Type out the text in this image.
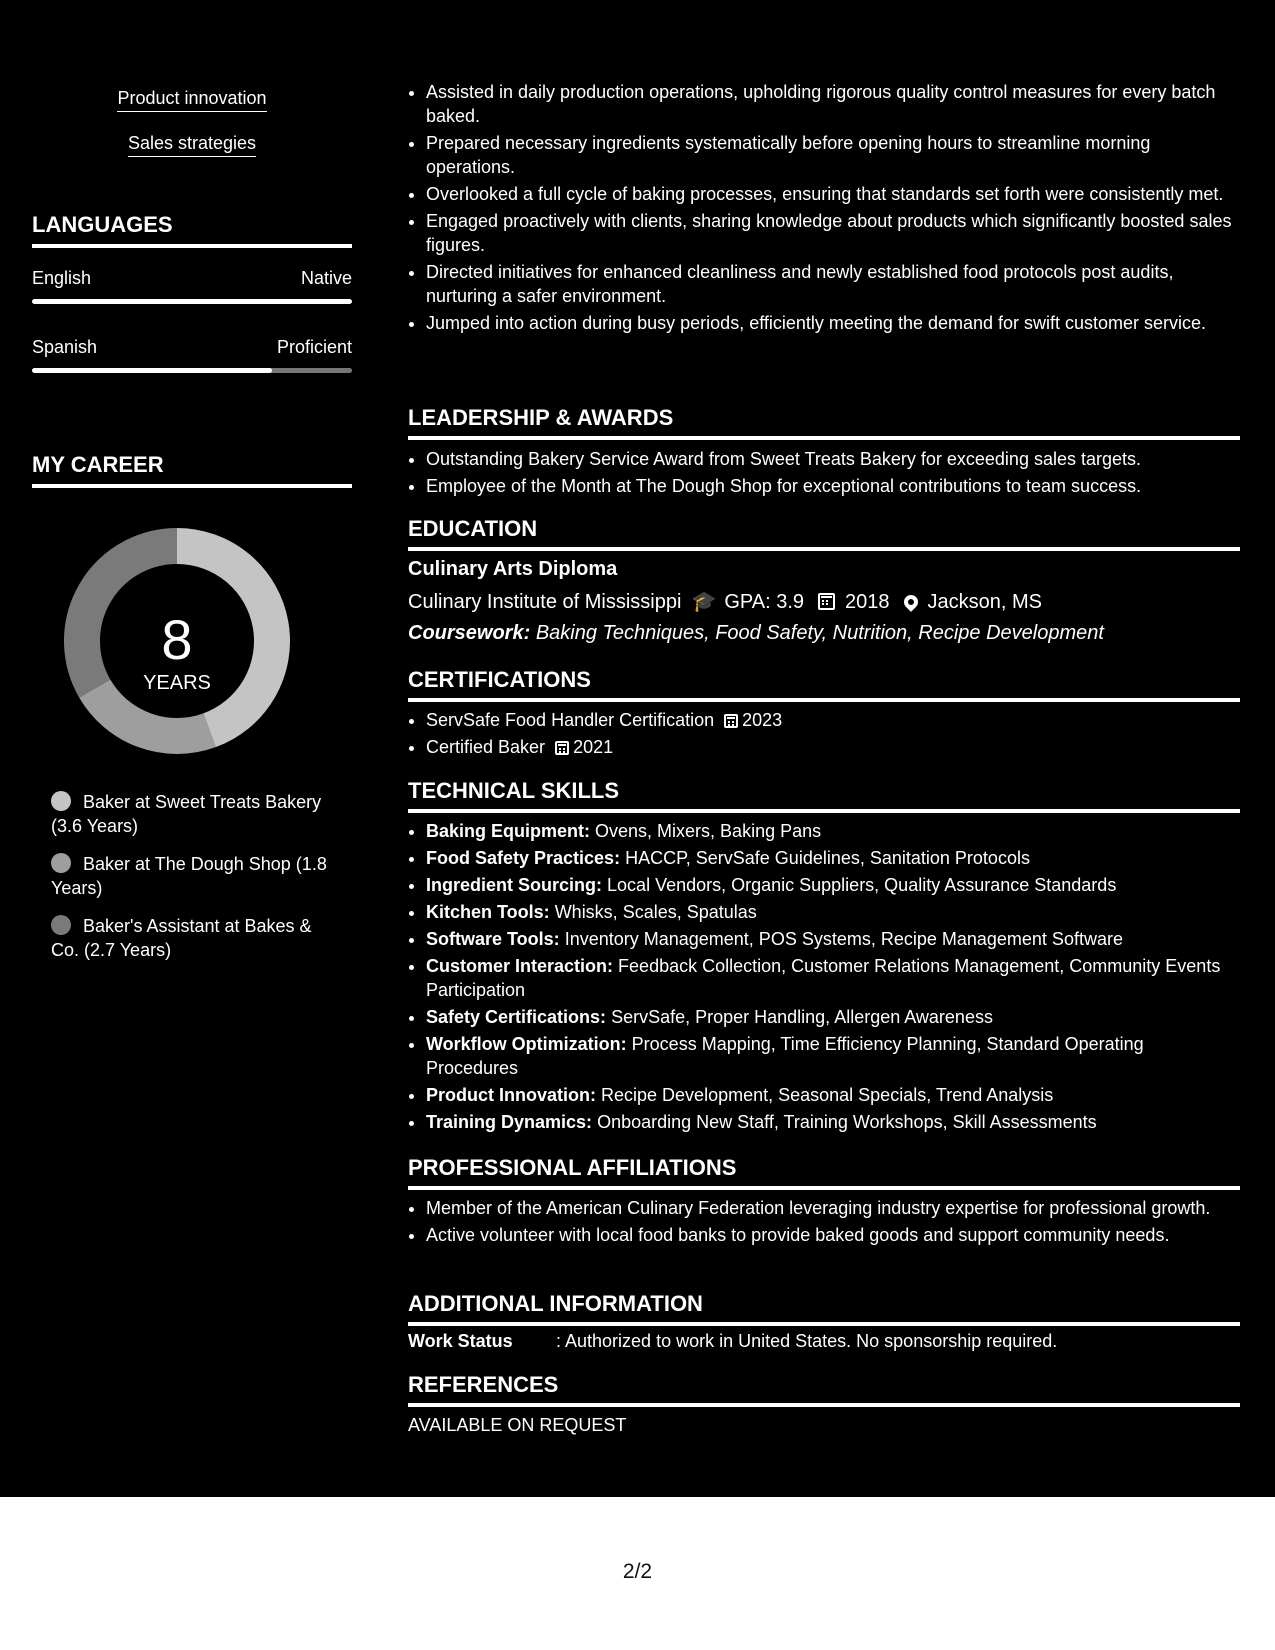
Product innovation
Sales strategies
LANGUAGES
English	Native
Spanish	Proficient
MY CAREER
8
YEARS
Baker at Sweet Treats Bakery (3.6 Years)
Baker at The Dough Shop (1.8 Years)
Baker's Assistant at Bakes & Co. (2.7 Years)
• Assisted in daily production operations, upholding rigorous quality control measures for every batch baked.
• Prepared necessary ingredients systematically before opening hours to streamline morning operations.
• Overlooked a full cycle of baking processes, ensuring that standards set forth were consistently met.
• Engaged proactively with clients, sharing knowledge about products which significantly boosted sales figures.
• Directed initiatives for enhanced cleanliness and newly established food protocols post audits, nurturing a safer environment.
• Jumped into action during busy periods, efficiently meeting the demand for swift customer service.
LEADERSHIP & AWARDS
• Outstanding Bakery Service Award from Sweet Treats Bakery for exceeding sales targets.
• Employee of the Month at The Dough Shop for exceptional contributions to team success.
EDUCATION
Culinary Arts Diploma
Culinary Institute of Mississippi 🎓 GPA: 3.9 2018 Jackson, MS
Coursework: Baking Techniques, Food Safety, Nutrition, Recipe Development
CERTIFICATIONS
• ServSafe Food Handler Certification 2023
• Certified Baker 2021
TECHNICAL SKILLS
• Baking Equipment: Ovens, Mixers, Baking Pans
• Food Safety Practices: HACCP, ServSafe Guidelines, Sanitation Protocols
• Ingredient Sourcing: Local Vendors, Organic Suppliers, Quality Assurance Standards
• Kitchen Tools: Whisks, Scales, Spatulas
• Software Tools: Inventory Management, POS Systems, Recipe Management Software
• Customer Interaction: Feedback Collection, Customer Relations Management, Community Events Participation
• Safety Certifications: ServSafe, Proper Handling, Allergen Awareness
• Workflow Optimization: Process Mapping, Time Efficiency Planning, Standard Operating Procedures
• Product Innovation: Recipe Development, Seasonal Specials, Trend Analysis
• Training Dynamics: Onboarding New Staff, Training Workshops, Skill Assessments
PROFESSIONAL AFFILIATIONS
• Member of the American Culinary Federation leveraging industry expertise for professional growth.
• Active volunteer with local food banks to provide baked goods and support community needs.
ADDITIONAL INFORMATION
Work Status : Authorized to work in United States. No sponsorship required.
REFERENCES
AVAILABLE ON REQUEST
2/2
